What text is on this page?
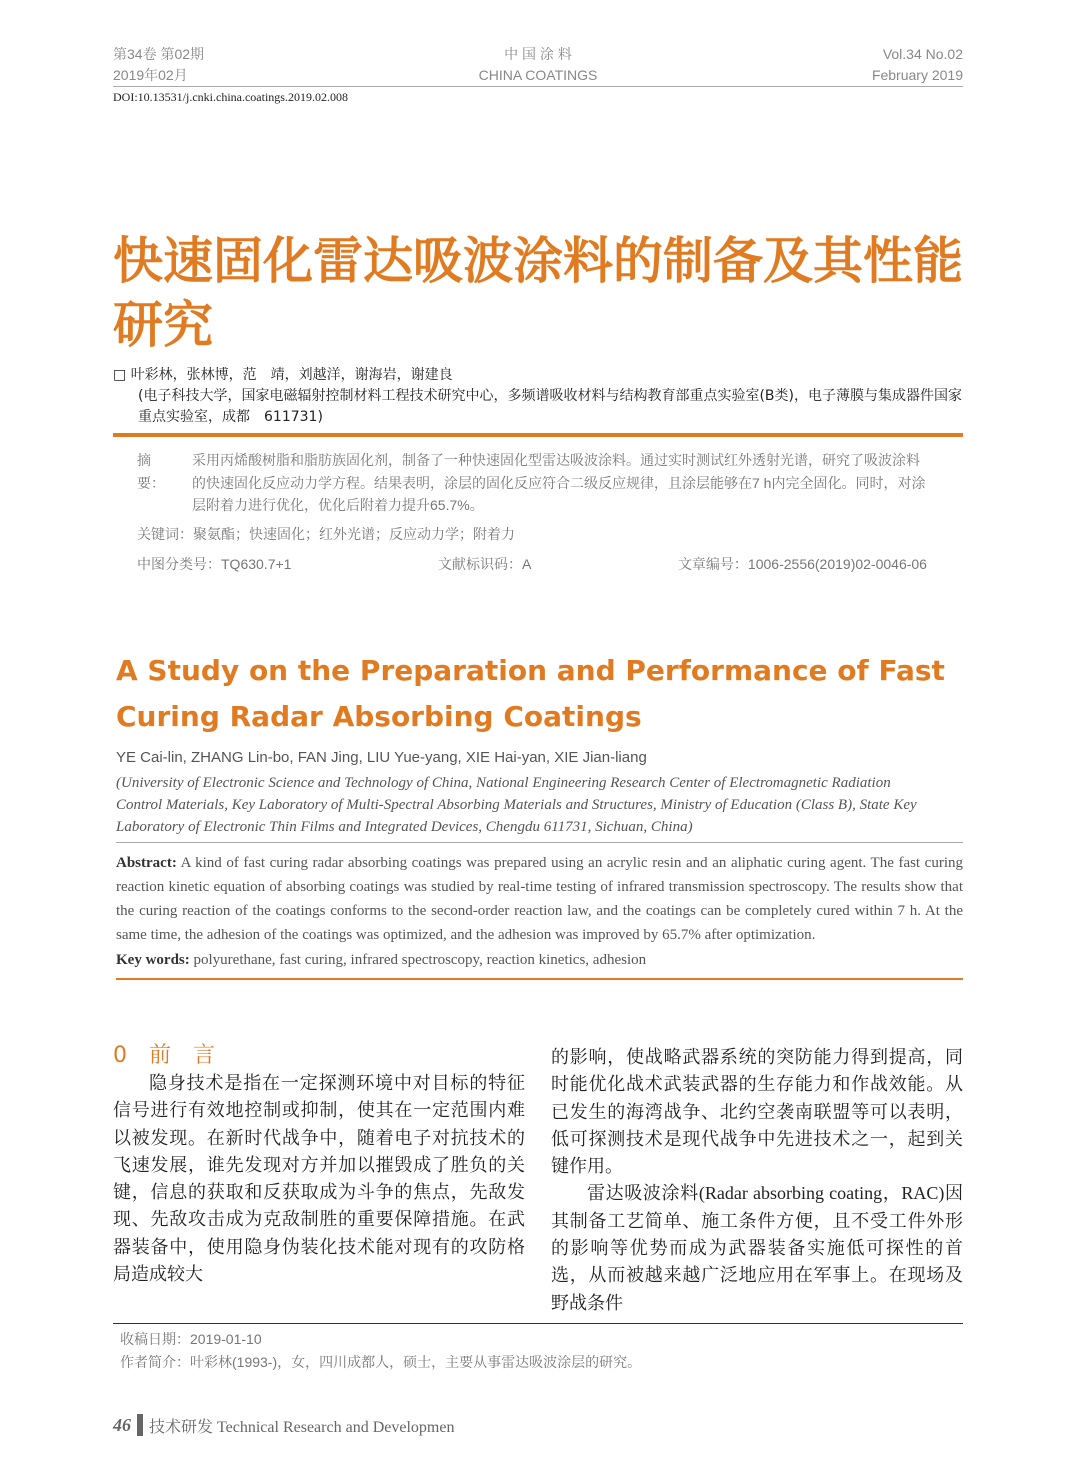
第34卷 第02期
2019年02月
中 国 涂 料
CHINA COATINGS
Vol.34 No.02
February 2019
DOI:10.13531/j.cnki.china.coatings.2019.02.008
快速固化雷达吸波涂料的制备及其性能研究
□ 叶彩林，张林博，范　靖，刘越洋，谢海岩，谢建良
(电子科技大学，国家电磁辐射控制材料工程技术研究中心，多频谱吸收材料与结构教育部重点实验室(B类)，电子薄膜与集成器件国家重点实验室，成都　611731)
摘　要：
采用丙烯酸树脂和脂肪族固化剂，制备了一种快速固化型雷达吸波涂料。通过实时测试红外透射光谱，研究了吸波涂料的快速固化反应动力学方程。结果表明，涂层的固化反应符合二级反应规律，且涂层能够在7 h内完全固化。同时，对涂层附着力进行优化，优化后附着力提升65.7%。
关键词：聚氨酯；快速固化；红外光谱；反应动力学；附着力
中图分类号：TQ630.7+1	文献标识码：A	文章编号：1006-2556(2019)02-0046-06
A Study on the Preparation and Performance of Fast Curing Radar Absorbing Coatings
YE Cai-lin, ZHANG Lin-bo, FAN Jing, LIU Yue-yang, XIE Hai-yan, XIE Jian-liang
(University of Electronic Science and Technology of China, National Engineering Research Center of Electromagnetic Radiation Control Materials, Key Laboratory of Multi-Spectral Absorbing Materials and Structures, Ministry of Education (Class B), State Key Laboratory of Electronic Thin Films and Integrated Devices, Chengdu 611731, Sichuan, China)
Abstract: A kind of fast curing radar absorbing coatings was prepared using an acrylic resin and an aliphatic curing agent. The fast curing reaction kinetic equation of absorbing coatings was studied by real-time testing of infrared transmission spectroscopy. The results show that the curing reaction of the coatings conforms to the second-order reaction law, and the coatings can be completely cured within 7 h. At the same time, the adhesion of the coatings was optimized, and the adhesion was improved by 65.7% after optimization.
Key words: polyurethane, fast curing, infrared spectroscopy, reaction kinetics, adhesion
0　 前　言

隐身技术是指在一定探测环境中对目标的特征信号进行有效地控制或抑制，使其在一定范围内难以被发现。在新时代战争中，随着电子对抗技术的飞速发展，谁先发现对方并加以摧毁成了胜负的关键，信息的获取和反获取成为斗争的焦点，先敌发现、先敌攻击成为克敌制胜的重要保障措施。在武器装备中，使用隐身伪装化技术能对现有的攻防格局造成较大

的影响，使战略武器系统的突防能力得到提高，同时能优化战术武装武器的生存能力和作战效能。从已发生的海湾战争、北约空袭南联盟等可以表明，低可探测技术是现代战争中先进技术之一，起到关键作用。

雷达吸波涂料(Radar absorbing coating，RAC)因其制备工艺简单、施工条件方便，且不受工件外形的影响等优势而成为武器装备实施低可探性的首选，从而被越来越广泛地应用在军事上。在现场及野战条件

收稿日期：2019-01-10
作者简介：叶彩林(1993-)，女，四川成都人，硕士，主要从事雷达吸波涂层的研究。
46 技术研发 Technical Research and Developmen
